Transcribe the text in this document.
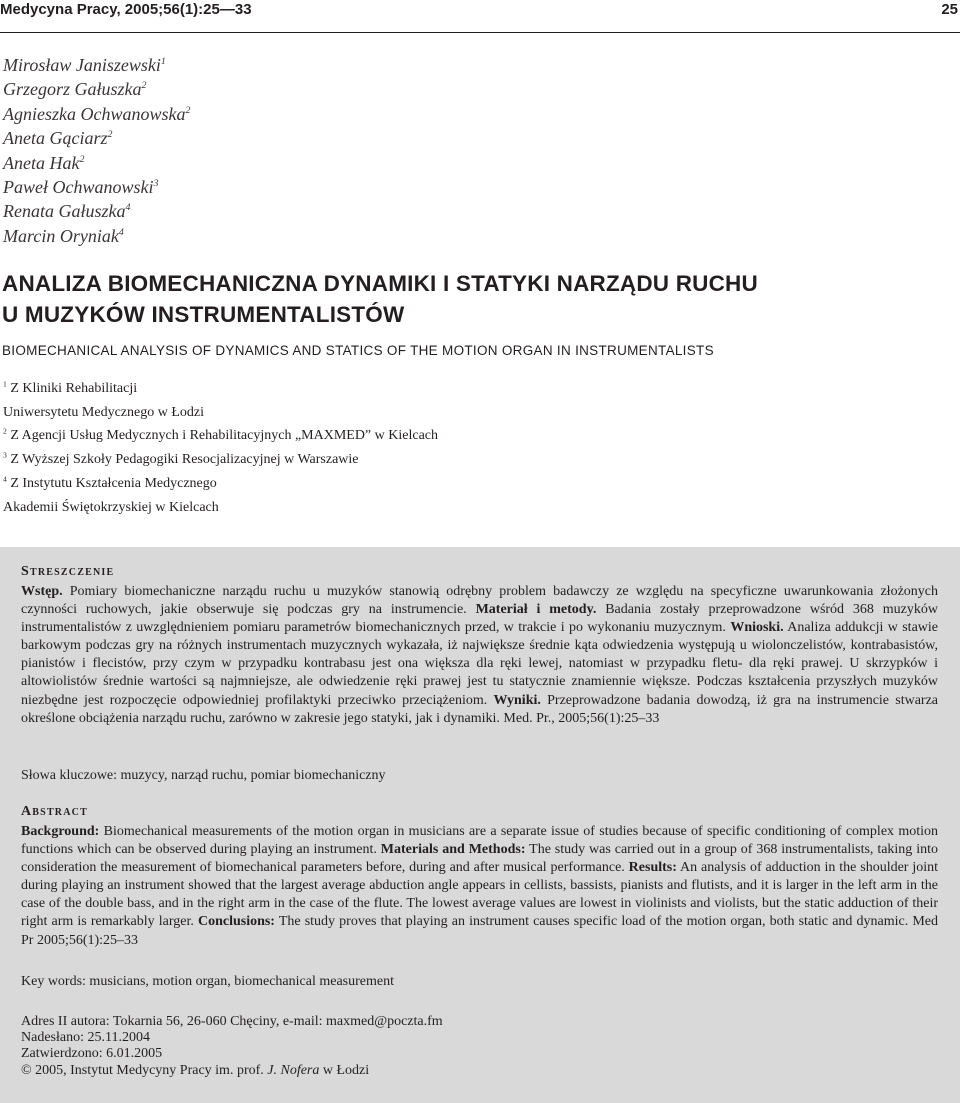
Medycyna Pracy, 2005;56(1):25—33	25
Mirosław Janiszewski$^1$
Grzegorz Gałuszka$^2$
Agnieszka Ochwanowska$^2$
Aneta Gąciarz$^2$
Aneta Hak$^2$
Paweł Ochwanowski$^3$
Renata Gałuszka$^4$
Marcin Oryniak$^4$
ANALIZA BIOMECHANICZNA DYNAMIKI I STATYKI NARZĄDU RUCHU
U MUZYKÓW INSTRUMENTALISTÓW
BIOMECHANICAL ANALYSIS OF DYNAMICS AND STATICS OF THE MOTION ORGAN IN INSTRUMENTALISTS
$^1$ Z Kliniki Rehabilitacji
Uniwersytetu Medycznego w Łodzi
$^2$ Z Agencji Usług Medycznych i Rehabilitacyjnych „MAXMED” w Kielcach
$^3$ Z Wyższej Szkoły Pedagogiki Resocjalizacyjnej w Warszawie
$^4$ Z Instytutu Kształcenia Medycznego
Akademii Świętokrzyskiej w Kielcach
Streszczenie
Wstęp. Pomiary biomechaniczne narządu ruchu u muzyków stanowią odrębny problem badawczy ze względu na specyficzne uwarunkowania złożonych czynności ruchowych, jakie obserwuje się podczas gry na instrumencie. Materiał i metody. Badania zostały przeprowadzone wśród 368 muzyków instrumentalistów z uwzględnieniem pomiaru parametrów biomechanicznych przed, w trakcie i po wykonaniu muzycznym. Wnioski. Analiza addukcji w stawie barkowym podczas gry na różnych instrumentach muzycznych wykazała, iż największe średnie kąta odwiedzenia występują u wiolonczelistów, kontrabasistów, pianistów i flecistów, przy czym w przypadku kontrabasu jest ona większa dla ręki lewej, natomiast w przypadku fletu- dla ręki prawej. U skrzypków i altowiolistów średnie wartości są najmniejsze, ale odwiedzenie ręki prawej jest tu statycznie znamiennie większe. Podczas kształcenia przyszłych muzyków niezbędne jest rozpoczęcie odpowiedniej profilaktyki przeciwko przeciążeniom. Wyniki. Przeprowadzone badania dowodzą, iż gra na instrumencie stwarza określone obciążenia narządu ruchu, zarówno w zakresie jego statyki, jak i dynamiki. Med. Pr., 2005;56(1):25–33
Słowa kluczowe: muzycy, narząd ruchu, pomiar biomechaniczny
Abstract
Background: Biomechanical measurements of the motion organ in musicians are a separate issue of studies because of specific conditioning of complex motion functions which can be observed during playing an instrument. Materials and Methods: The study was carried out in a group of 368 instrumentalists, taking into consideration the measurement of biomechanical parameters before, during and after musical performance. Results: An analysis of adduction in the shoulder joint during playing an instrument showed that the largest average abduction angle appears in cellists, bassists, pianists and flutists, and it is larger in the left arm in the case of the double bass, and in the right arm in the case of the flute. The lowest average values are lowest in violinists and violists, but the static adduction of their right arm is remarkably larger. Conclusions: The study proves that playing an instrument causes specific load of the motion organ, both static and dynamic. Med Pr 2005;56(1):25–33
Key words: musicians, motion organ, biomechanical measurement
Adres II autora: Tokarnia 56, 26-060 Chęciny, e-mail: maxmed@poczta.fm
Nadesłano: 25.11.2004
Zatwierdzono: 6.01.2005
© 2005, Instytut Medycyny Pracy im. prof. J. Nofera w Łodzi
